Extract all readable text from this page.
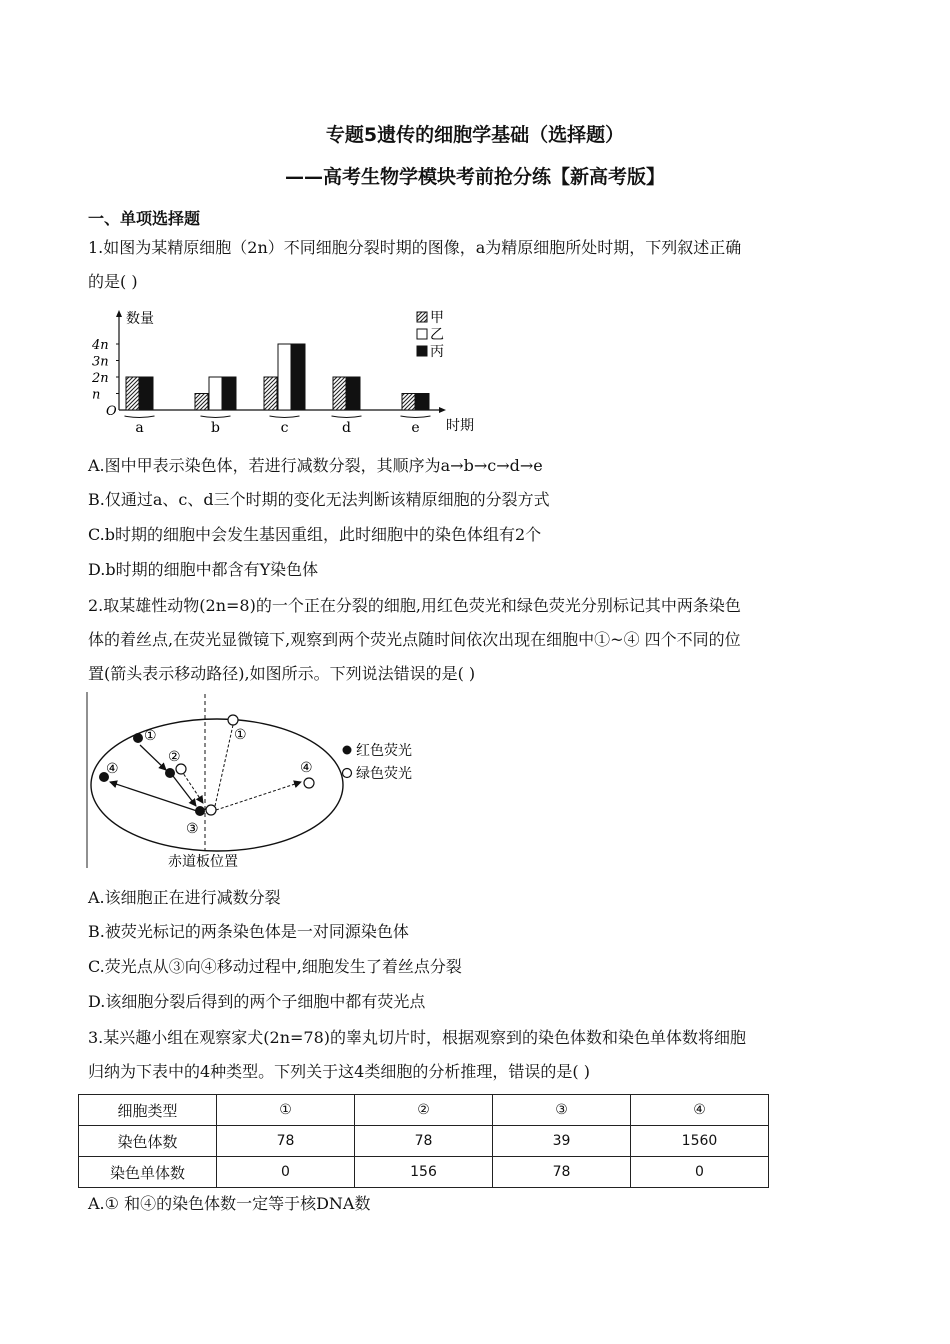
专题5遗传的细胞学基础（选择题）
——高考生物学模块考前抢分练【新高考版】
一、单项选择题
1.如图为某精原细胞（2n）不同细胞分裂时期的图像，a为精原细胞所处时期，下列叙述正确
的是( )
数量
时期
O
n
2n
3n
4n
a	b	c	d	e
甲
乙
丙
A.图中甲表示染色体，若进行减数分裂，其顺序为a→b→c→d→e
B.仅通过a、c、d三个时期的变化无法判断该精原细胞的分裂方式
C.b时期的细胞中会发生基因重组，此时细胞中的染色体组有2个
D.b时期的细胞中都含有Y染色体
2.取某雄性动物(2n=8)的一个正在分裂的细胞,用红色荧光和绿色荧光分别标记其中两条染色
体的着丝点,在荧光显微镜下,观察到两个荧光点随时间依次出现在细胞中①~④ 四个不同的位
置(箭头表示移动路径),如图所示。下列说法错误的是( )
①
②
③
④
①
④
红色荧光
绿色荧光
赤道板位置
A.该细胞正在进行减数分裂
B.被荧光标记的两条染色体是一对同源染色体
C.荧光点从③向④移动过程中,细胞发生了着丝点分裂
D.该细胞分裂后得到的两个子细胞中都有荧光点
3.某兴趣小组在观察家犬(2n=78)的睾丸切片时，根据观察到的染色体数和染色单体数将细胞
归纳为下表中的4种类型。下列关于这4类细胞的分析推理，错误的是( )
细胞类型	①	②	③	④
染色体数	78	78	39	1560
染色单体数	0	156	78	0
A.① 和④的染色体数一定等于核DNA数
